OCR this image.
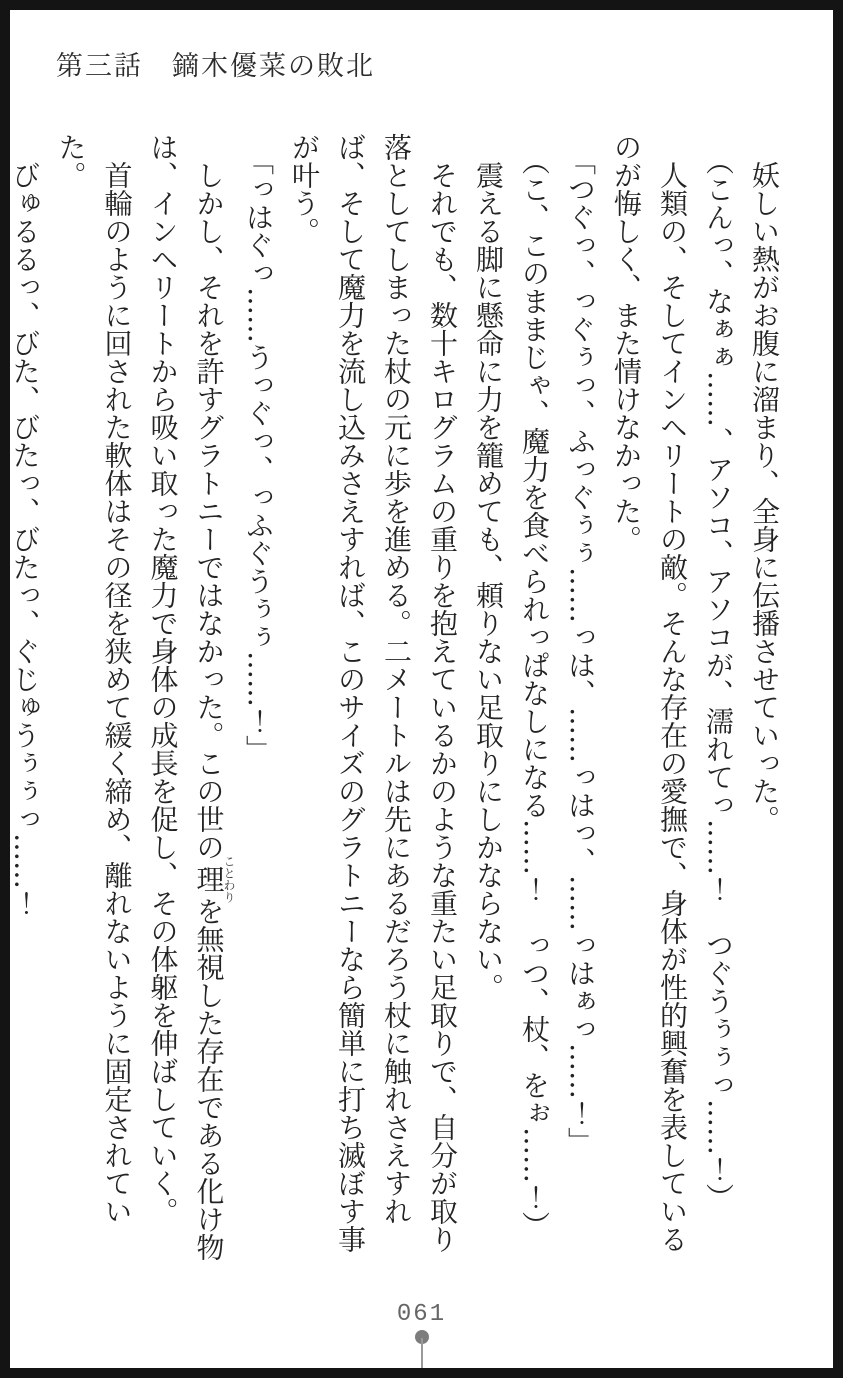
第三話　鏑木優菜の敗北

妖しい熱がお腹に溜まり、全身に伝播させていった。

（こんっ、なぁぁ……、アソコ、アソコが、濡れてっ……！　つぐうぅぅっ……！）

人類の、そしてインヘリートの敵。そんな存在の愛撫で、身体が性的興奮を表しているのが悔しく、また情けなかった。

「つぐっ、っぐぅっ、ふっぐぅぅ……っは、……っはっ、……っはぁっ……！」

（こ、このままじゃ、魔力を食べられっぱなしになる……！　っつ、杖、をぉ……！）

震える脚に懸命に力を籠めても、頼りない足取りにしかならない。

それでも、数十キログラムの重りを抱えているかのような重たい足取りで、自分が取り落としてしまった杖の元に歩を進める。二メートルは先にあるだろう杖に触れさえすれば、そして魔力を流し込みさえすれば、このサイズのグラトニーなら簡単に打ち滅ぼす事が叶う。

「っはぐっ……うっぐっ、っふぐうぅぅ……！」

しかし、それを許すグラトニーではなかった。この世の理ことわりを無視した存在である化け物は、インヘリートから吸い取った魔力で身体の成長を促し、その体躯を伸ばしていく。

首輪のように回された軟体はその径を狭めて緩く締め、離れないように固定されていた。

びゅるるっ、びた、びたっ、びたっ、ぐじゅうぅぅっ……！

061
